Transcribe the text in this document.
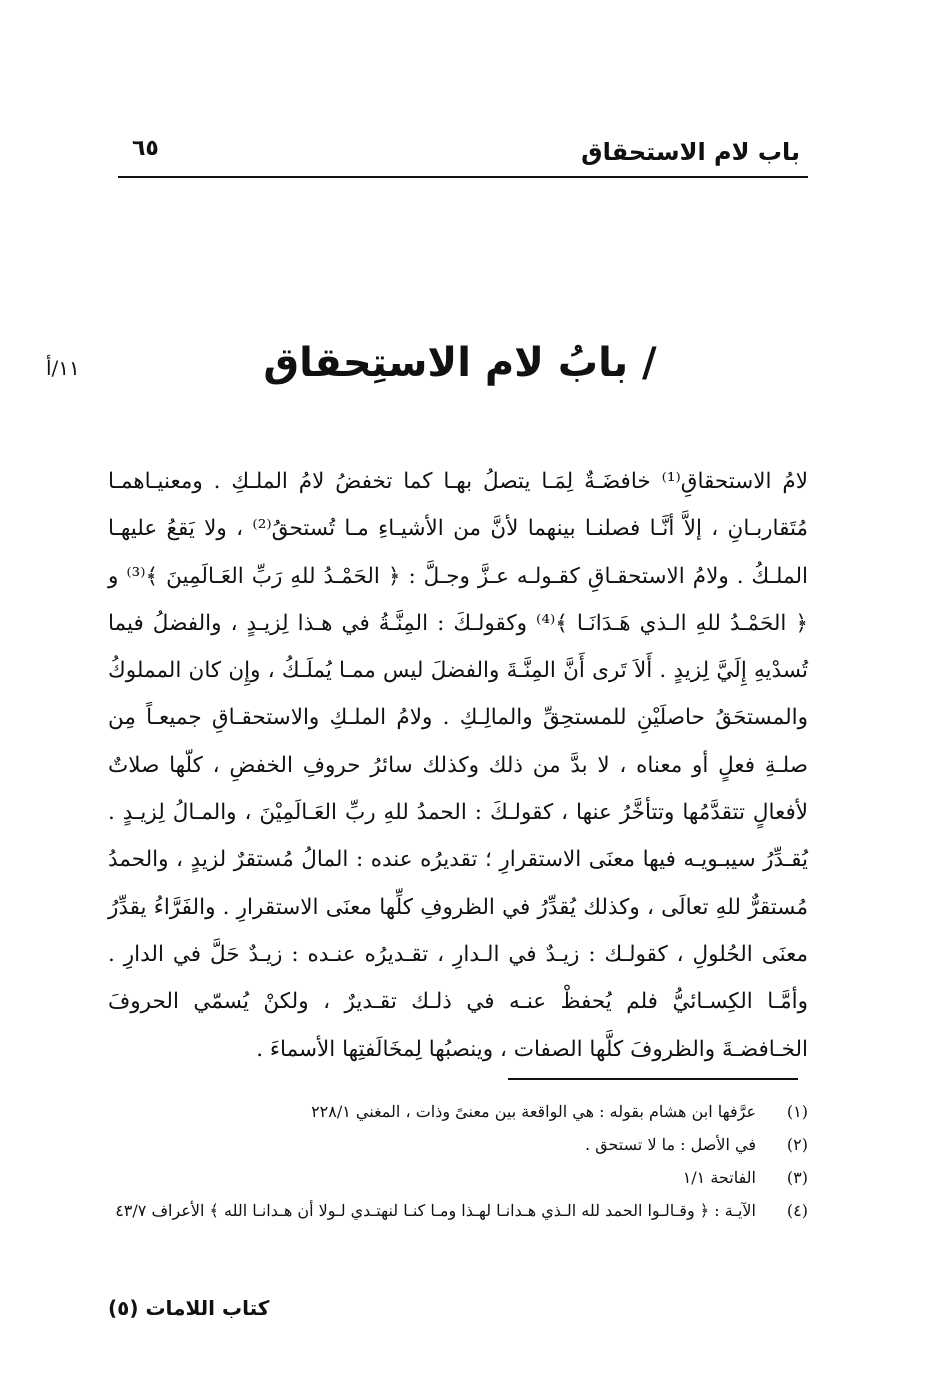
باب لام الاستحقاق
٦٥
١١/أ	/ بابُ لام الاستِحقاق

لامُ الاستحقاقِ⁽¹⁾ خافضَـةٌ لِمَـا يتصلُ بهـا كما تخفضُ لامُ الملـكِ . ومعنيـاهمـا مُتَقاربـانِ ، إلاَّ أنَّـا فصلنـا بينهما لأنَّ من الأشيـاءِ مـا تُستحقُ⁽²⁾ ، ولا يَقعُ عليهـا الملـكُ . ولامُ الاستحقـاقِ كقـولـه عـزَّ وجـلَّ : ﴿ الحَمْـدُ للهِ رَبِّ العَـالَمِينَ ﴾⁽³⁾ و ﴿ الحَمْـدُ للهِ الـذي هَـدَانَـا ﴾⁽⁴⁾ وكقولـكَ : المِنَّـةُ في هـذا لِزيـدٍ ، والفضلُ فيما تُسدْيهِ إِلَيَّ لِزيدٍ . أَلاَ تَرى أَنَّ المِنَّـةَ والفضلَ ليس ممـا يُملَـكُ ، وإِن كان المملوكُ والمستحَقُ حاصلَيْنِ للمستحِقِّ والمالِـكِ . ولامُ الملـكِ والاستحقـاقِ جميعـاً مِن صلـةِ فعلٍ أو معناه ، لا بدَّ من ذلك وكذلك سائرُ حروفِ الخفضِ ، كلّها صلاتٌ لأفعالٍ تتقدَّمُها وتتأخَّرُ عنها ، كقولـكَ : الحمدُ للهِ ربِّ العَـالَمِيْنَ ، والمـالُ لِزيـدٍ . يُقـدِّرُ سيبـويـه فيها معنَى الاستقرارِ ؛ تقديرُه عنده : المالُ مُستقرٌ لزيدٍ ، والحمدُ مُستقرٌّ للهِ تعالَى ، وكذلك يُقدِّرُ في الظروفِ كلِّها معنَى الاستقرارِ . والفَرَّاءُ يقدِّرُ معنَى الحُلولِ ، كقولـك : زيـدٌ في الـدارِ ، تقـديرُه عنـده : زيـدٌ حَلَّ في الدارِ . وأمَّـا الكِسـائيُّ فلم يُحفظْ عنـه في ذلـك تقـديرٌ ، ولكنْ يُسمّي الحروفَ الخـافضـةَ والظروفَ كلَّها الصفات ، وينصبُها لِمخَالَفتِها الأسماءَ .

(١)
عرَّفها ابن هشام بقوله : هي الواقعة بين معنىً وذات ، المغني ٢٢٨/١
(٢)
في الأصل : ما لا تستحق .
(٣)
الفاتحة ١/١
(٤)
الآيـة : ﴿ وقـالـوا الحمد لله الـذي هـدانـا لهـذا ومـا كنـا لنهتـدي لـولا أن هـدانـا الله ﴾ الأعراف ٤٣/٧
كتاب اللامات (٥)
